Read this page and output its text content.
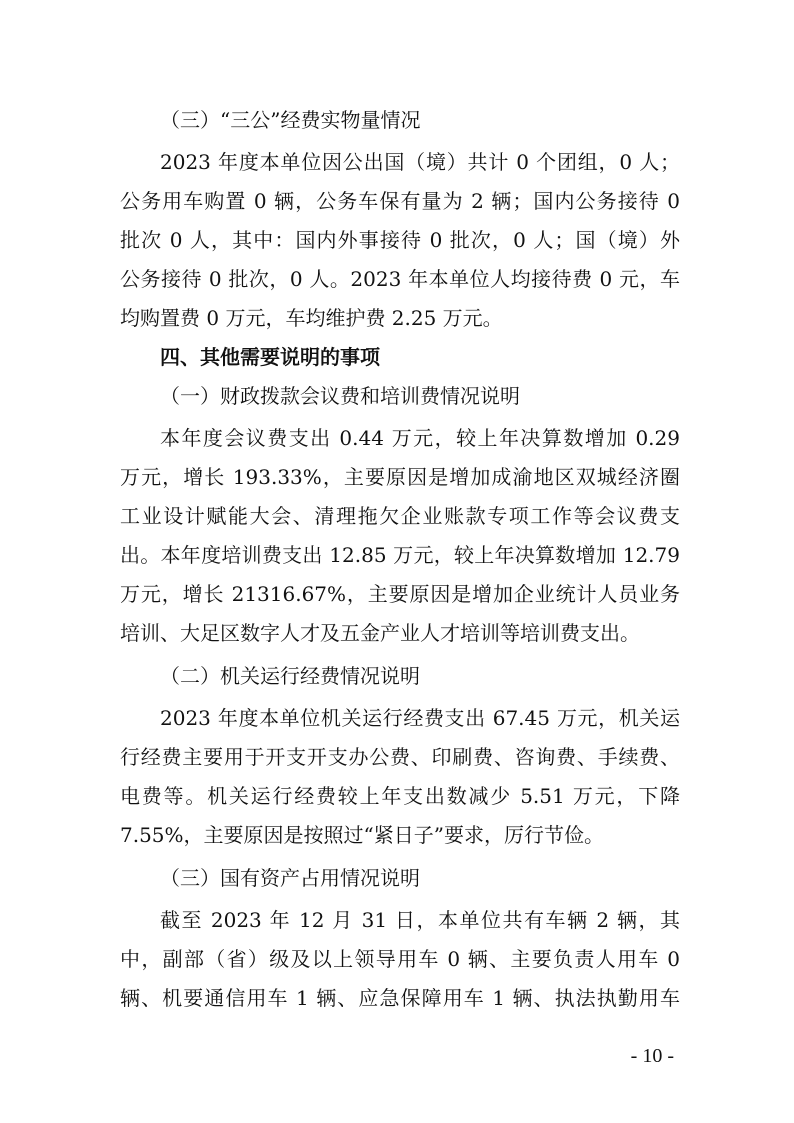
（三）“三公”经费实物量情况
2023 年度本单位因公出国（境）共计 0 个团组，0 人；
公务用车购置 0 辆，公务车保有量为 2 辆；国内公务接待 0
批次 0 人，其中：国内外事接待 0 批次，0 人；国（境）外
公务接待 0 批次，0 人。2023 年本单位人均接待费 0 元，车
均购置费 0 万元，车均维护费 2.25 万元。
四、其他需要说明的事项
（一）财政拨款会议费和培训费情况说明
本年度会议费支出 0.44 万元，较上年决算数增加 0.29
万元，增长 193.33%，主要原因是增加成渝地区双城经济圈
工业设计赋能大会、清理拖欠企业账款专项工作等会议费支
出。本年度培训费支出 12.85 万元，较上年决算数增加 12.79
万元，增长 21316.67%，主要原因是增加企业统计人员业务
培训、大足区数字人才及五金产业人才培训等培训费支出。
（二）机关运行经费情况说明
2023 年度本单位机关运行经费支出 67.45 万元，机关运
行经费主要用于开支开支办公费、印刷费、咨询费、手续费、
电费等。机关运行经费较上年支出数减少 5.51 万元，下降
7.55%，主要原因是按照过“紧日子”要求，厉行节俭。
（三）国有资产占用情况说明
截至 2023 年 12 月 31 日，本单位共有车辆 2 辆，其
中，副部（省）级及以上领导用车 0 辆、主要负责人用车 0
辆、机要通信用车 1 辆、应急保障用车 1 辆、执法执勤用车
- 10 -
